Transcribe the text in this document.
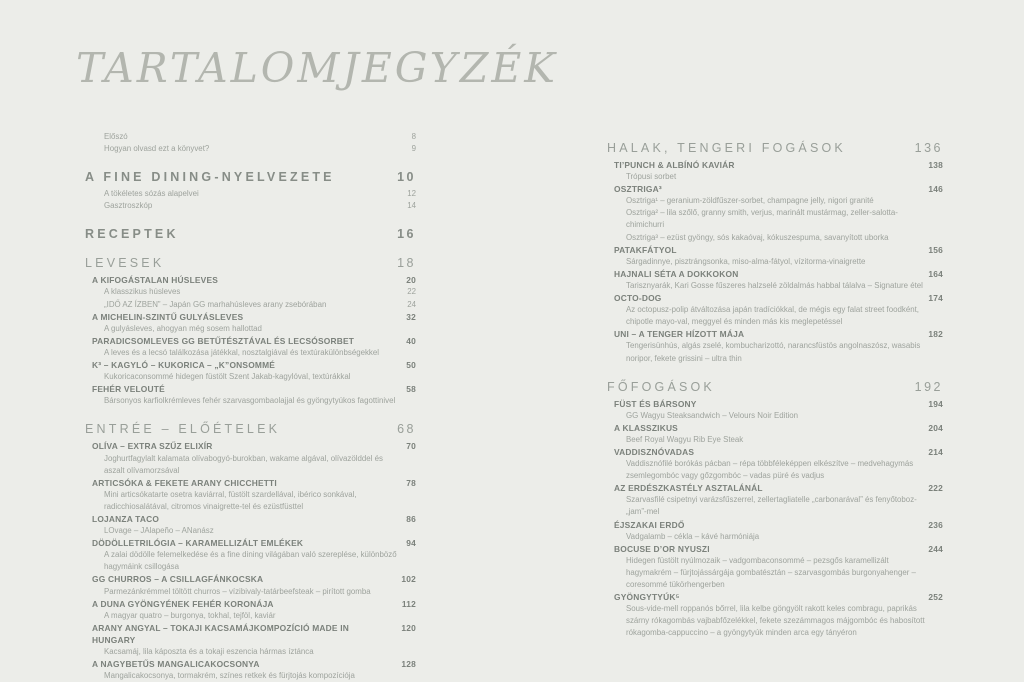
TARTALOMJEGYZÉK
Előszó	8
Hogyan olvasd ezt a könyvet?	9
A FINE DINING-NYELVEZETE	10
A tökéletes sózás alapelvei	12
Gasztroszkóp	14
RECEPTEK	16
LEVESEK	18
A KIFOGÁSTALAN HÚSLEVES	20
A klasszikus húsleves	22
„IDŐ AZ ÍZBEN” – Japán GG marhahúsleves arany zsebórában	24
A MICHELIN-SZINTŰ GULYÁSLEVES	32
A gulyásleves, ahogyan még sosem hallottad
PARADICSOMLEVES GG BETŰTÉSZTÁVAL ÉS LECSÓSORBET	40
A leves és a lecsó találkozása játékkal, nosztalgiával és textúrakülönbségekkel
K³ – KAGYLÓ – KUKORICA – „K”ONSOMMÉ	50
Kukoricaconsommé hidegen füstölt Szent Jakab-kagylóval, textúrákkal
FEHÉR VELOUTÉ	58
Bársonyos karfiolkrémleves fehér szarvasgombaolajjal és gyöngytyúkos fagottinivel
ENTRÉE – ELŐÉTELEK	68
OLÍVA – EXTRA SZŰZ ELIXÍR	70
Joghurtfagylalt kalamata olívabogyó-burokban, wakame algával, olívazölddel és aszalt olívamorzsával
ARTICSÓKA & FEKETE ARANY CHICCHETTI	78
Mini articsókatarte osetra kaviárral, füstölt szardellával, ibérico sonkával, radicchiosalátával, citromos vinaigrette-tel és ezüstfüsttel
LOJANZA TACO	86
LOvage – JAlapeño – ANanász
DÖDÖLLETRILÓGIA – KARAMELLIZÁLT EMLÉKEK	94
A zalai dödölle felemelkedése és a fine dining világában való szereplése, különböző hagymáink csillogása
GG CHURROS – A CSILLAGFÁNKOCSKA	102
Parmezánkrémmel töltött churros – vízibivaly-tatárbeefsteak – pirított gomba
A DUNA GYÖNGYÉNEK FEHÉR KORONÁJA	112
A magyar quatro – burgonya, tokhal, tejföl, kaviár
ARANY ANGYAL – TOKAJI KACSAMÁJKOMPOZÍCIÓ MADE IN HUNGARY
120
Kacsamáj, lila káposzta és a tokaji eszencia hármas íztánca
A NAGYBETŰS MANGALICAKOCSONYA	128
Mangalicakocsonya, tormakrém, színes retkek és fürjtojás kompozíciója
HALAK, TENGERI FOGÁSOK	136
TI’PUNCH & ALBÍNÓ KAVIÁR	138
Trópusi sorbet
OSZTRIGA³	146
Osztriga¹ – geranium-zöldfűszer-sorbet, champagne jelly, nigori granité
Osztriga² – lila szőlő, granny smith, verjus, marinált mustármag, zeller-salotta-chimichurri
Osztriga³ – ezüst gyöngy, sós kakaóvaj, kókuszespuma, savanyított uborka
PATAKFÁTYOL	156
Sárgadinnye, pisztrángsonka, miso-alma-fátyol, vízitorma-vinaigrette
HAJNALI SÉTA A DOKKOKON	164
Tarisznyarák, Kari Gosse fűszeres halzselé zöldalmás habbal tálalva – Signature étel
OCTO-DOG	174
Az octopusz-polip átváltozása japán tradíciókkal, de mégis egy falat street foodként, chipotle mayo-val, meggyel és minden más kis meglepetéssel
UNI – A TENGER HÍZOTT MÁJA	182
Tengerisünhús, algás zselé, kombucharizottó, narancsfüstös angolnaszósz, wasabis noripor, fekete grissini – ultra thin
FŐFOGÁSOK	192
FÜST ÉS BÁRSONY	194
GG Wagyu Steaksandwich – Velours Noir Edition
A KLASSZIKUS	204
Beef Royal Wagyu Rib Eye Steak
VADDISZNÓVADAS	214
Vaddisznófilé borókás pácban – répa többféleképpen elkészítve – medvehagymás zsemlegombóc vagy gőzgombóc – vadas püré és vadjus
AZ ERDÉSZKASTÉLY ASZTALÁNÁL	222
Szarvasfilé csipetnyi varázsfűszerrel, zellertagliatelle „carbonarával” és fenyőtoboz-„jam”-mel
ÉJSZAKAI ERDŐ	236
Vadgalamb – cékla – kávé harmóniája
BOCUSE D’OR NYUSZI	244
Hidegen füstölt nyúlmozaik – vadgombaconsommé – pezsgős karamellizált hagymakrém – fürjtojássárgája gombatésztán – szarvasgombás burgonyahenger – coresommé tükörhengerben
GYÖNGYTYÚK⁵	252
Sous-vide-mell roppanós bőrrel, lila kelbe göngyölt rakott keles combragu, paprikás szárny rókagombás vajbabfőzelékkel, fekete szezámmagos májgombóc és habosított rókagomba-cappuccino – a gyöngytyúk minden arca egy tányéron
